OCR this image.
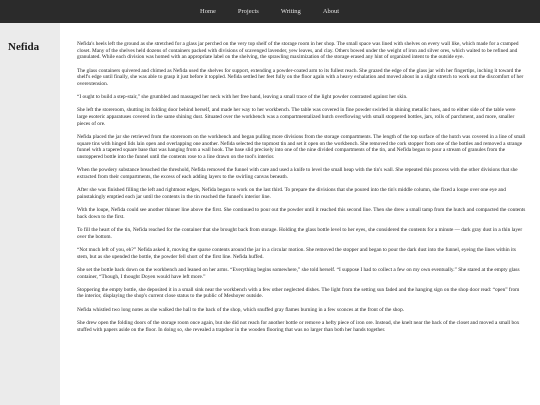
Home	Projects	Writing	About
Nefida	Nefida's heels left the ground as she stretched for a glass jar perched on the very top shelf of the storage room in her shop. The small space was lined with shelves on every wall like, which made for a cramped closet. Many of the shelves held dozens of containers packed with divisions of scavenged lavender, yew leaves, and clay. Others bowed under the weight of iron and silver ores, which waited to be refined and granulated. While each division was homed with an appropriate label on the shelving, the sprawling maximization of the storage erased any hint of organized intent to the outside eye.

The glass containers quivered and chimed as Nefida used the shelves for support, extending a powder-coated arm to its fullest reach. She grazed the edge of the glass jar with her fingertips, inching it toward the shelf's edge until finally, she was able to grasp it just before it toppled. Nefida settled her feet fully on the floor again with a heavy exhalation and moved about in a slight stretch to work out the discomfort of her overextension.

“I ought to build a step-stair,” she grumbled and massaged her neck with her free hand, leaving a small trace of the light powder contrasted against her skin.

She left the storeroom, shutting its folding door behind herself, and made her way to her workbench. The table was covered in fine powder swirled in shining metallic hues, and to either side of the table were large esoteric apparatuses covered in the same shining dust. Situated over the workbench was a compartmentalized hutch overflowing with small stoppered bottles, jars, rolls of parchment, and more, smaller pieces of ore.

Nefida placed the jar she retrieved from the storeroom on the workbench and began pulling more divisions from the storage compartments. The length of the top surface of the hutch was covered in a line of small square tins with hinged lids lain open and overlapping one another. Nefida selected the topmost tin and set it open on the workbench. She removed the cork stopper from one of the bottles and removed a strange funnel with a tapered square base that was hanging from a wall hook. The base slid precisely into one of the nine divided compartments of the tin, and Nefida began to pour a stream of granules from the unstoppered bottle into the funnel until the contents rose to a line drawn on the tool's interior.

When the powdery substance breached the threshold, Nefida removed the funnel with care and used a knife to level the small heap with the tin's wall. She repeated this process with the other divisions that she extracted from their compartments, the excess of each adding layers to the swirling canvas beneath.

After she was finished filling the left and rightmost edges, Nefida began to work on the last third. To prepare the divisions that she poured into the tin's middle column, she fixed a loupe over one eye and painstakingly emptied each jar until the contents in the tin reached the funnel's interior line.

With the loupe, Nefida could see another thinner line above the first. She continued to pour out the powder until it reached this second line. Then she drew a small tamp from the hutch and compacted the contents back down to the first.

To fill the heart of the tin, Nefida reached for the container that she brought back from storage. Holding the glass bottle level to her eyes, she considered the contents for a minute — dark gray dust in a thin layer over the bottom.

“Not much left of you, eh?” Nefida asked it, moving the sparse contents around the jar in a circular motion. She removed the stopper and began to pour the dark dust into the funnel, eyeing the lines within its stem, but as she upended the bottle, the powder fell short of the first line. Nefida huffed.

She set the bottle back down on the workbench and leaned on her arms. “Everything begins somewhere,” she told herself. “I suppose I had to collect a few on my own eventually.” She stared at the empty glass container, “Though, I thought Doyen would have left more.”

Stoppering the empty bottle, she deposited it in a small sink near the workbench with a few other neglected dishes. The light from the setting sun faded and the hanging sign on the shop door read: “open” from the interior, displaying the shop's current close status to the public of Meshoyer outside.

Nefida whistled two long notes as she walked the hall to the back of the shop, which snuffed gray flames burning in a few sconces at the front of the shop.

She drew open the folding doors of the storage room once again, but she did not reach for another bottle or remove a hefty piece of iron ore. Instead, she knelt near the back of the closet and moved a small box stuffed with papers aside on the floor. In doing so, she revealed a trapdoor in the wooden flooring that was no larger than both her hands together.
